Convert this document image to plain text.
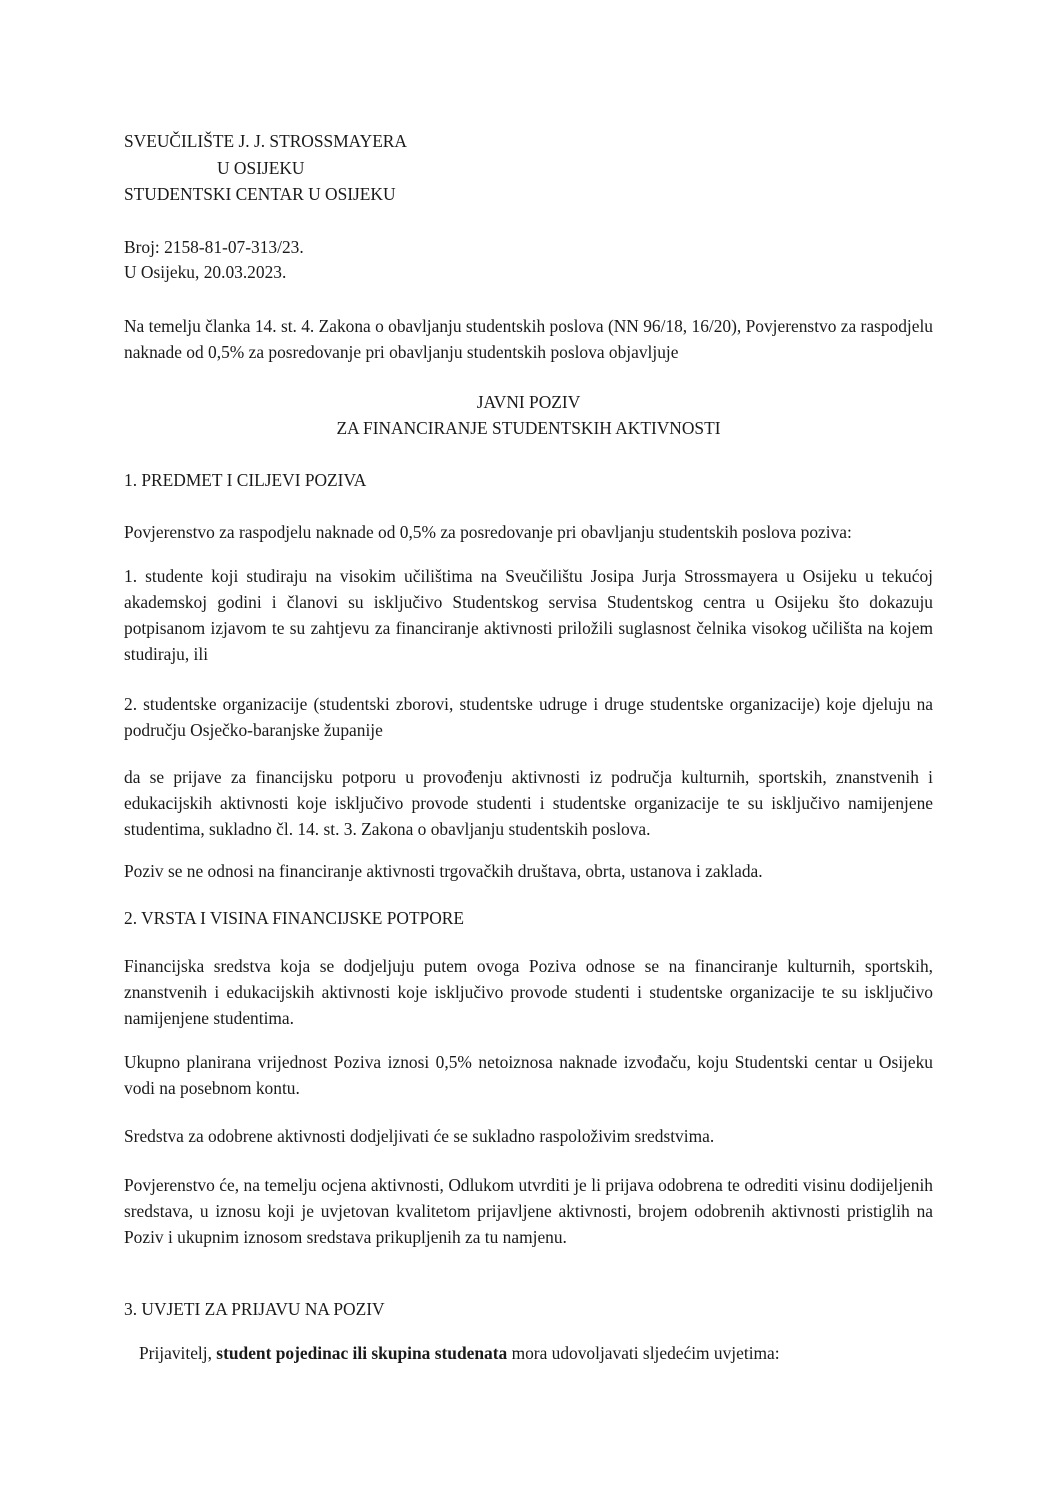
SVEUČILIŠTE J. J. STROSSMAYERA
U OSIJEKU
STUDENTSKI CENTAR U OSIJEKU
Broj: 2158-81-07-313/23.
U Osijeku, 20.03.2023.

Na temelju članka 14. st. 4. Zakona o obavljanju studentskih poslova (NN 96/18, 16/20), Povjerenstvo za raspodjelu naknade od 0,5% za posredovanje pri obavljanju studentskih poslova objavljuje

JAVNI POZIV
ZA FINANCIRANJE STUDENTSKIH AKTIVNOSTI
1. PREDMET I CILJEVI POZIVA

Povjerenstvo za raspodjelu naknade od 0,5% za posredovanje pri obavljanju studentskih poslova poziva:

1. studente koji studiraju na visokim učilištima na Sveučilištu Josipa Jurja Strossmayera u Osijeku u tekućoj akademskoj godini i članovi su isključivo Studentskog servisa Studentskog centra u Osijeku što dokazuju potpisanom izjavom te su zahtjevu za financiranje aktivnosti priložili suglasnost čelnika visokog učilišta na kojem studiraju, ili

2. studentske organizacije (studentski zborovi, studentske udruge i druge studentske organizacije) koje djeluju na području Osječko-baranjske županije

da se prijave za financijsku potporu u provođenju aktivnosti iz područja kulturnih, sportskih, znanstvenih i edukacijskih aktivnosti koje isključivo provode studenti i studentske organizacije te su isključivo namijenjene studentima, sukladno čl. 14. st. 3. Zakona o obavljanju studentskih poslova.

Poziv se ne odnosi na financiranje aktivnosti trgovačkih društava, obrta, ustanova i zaklada.

2. VRSTA I VISINA FINANCIJSKE POTPORE

Financijska sredstva koja se dodjeljuju putem ovoga Poziva odnose se na financiranje kulturnih, sportskih, znanstvenih i edukacijskih aktivnosti koje isključivo provode studenti i studentske organizacije te su isključivo namijenjene studentima.

Ukupno planirana vrijednost Poziva iznosi 0,5% netoiznosa naknade izvođaču, koju Studentski centar u Osijeku vodi na posebnom kontu.

Sredstva za odobrene aktivnosti dodjeljivati će se sukladno raspoloživim sredstvima.

Povjerenstvo će, na temelju ocjena aktivnosti, Odlukom utvrditi je li prijava odobrena te odrediti visinu dodijeljenih sredstava, u iznosu koji je uvjetovan kvalitetom prijavljene aktivnosti, brojem odobrenih aktivnosti pristiglih na Poziv i ukupnim iznosom sredstava prikupljenih za tu namjenu.

3. UVJETI ZA PRIJAVU NA POZIV

Prijavitelj, student pojedinac ili skupina studenata mora udovoljavati sljedećim uvjetima:
